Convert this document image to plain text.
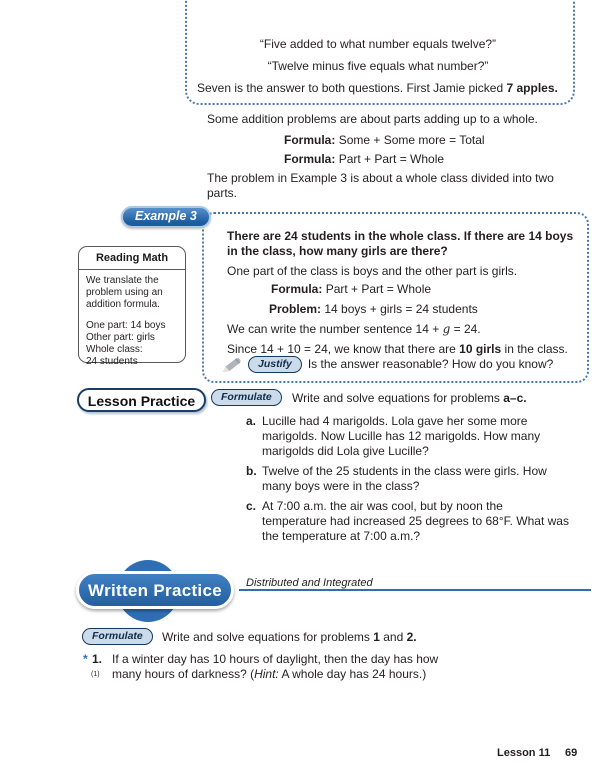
“Five added to what number equals twelve?”
“Twelve minus five equals what number?”
Seven is the answer to both questions. First Jamie picked 7 apples.
Some addition problems are about parts adding up to a whole.
Formula: Some + Some more = Total
Formula: Part + Part = Whole
The problem in Example 3 is about a whole class divided into two parts.
Example 3
There are 24 students in the whole class. If there are 14 boys in the class, how many girls are there?
One part of the class is boys and the other part is girls.
Formula: Part + Part = Whole
Problem: 14 boys + girls = 24 students
We can write the number sentence 14 + g = 24.
Since 14 + 10 = 24, we know that there are 10 girls in the class.
Justify	Is the answer reasonable? How do you know?
Reading Math
We translate the problem using an addition formula.
One part: 14 boys
Other part: girls
Whole class:
24 students
Lesson Practice	Formulate	Write and solve equations for problems a–c.
a. Lucille had 4 marigolds. Lola gave her some more marigolds. Now Lucille has 12 marigolds. How many marigolds did Lola give Lucille?
b. Twelve of the 25 students in the class were girls. How many boys were in the class?
c. At 7:00 a.m. the air was cool, but by noon the temperature had increased 25 degrees to 68°F. What was the temperature at 7:00 a.m.?
Written Practice	Distributed and Integrated
Formulate	Write and solve equations for problems 1 and 2.
* 1.
(1)
If a winter day has 10 hours of daylight, then the day has how many hours of darkness? (Hint: A whole day has 24 hours.)
Lesson 11 69
